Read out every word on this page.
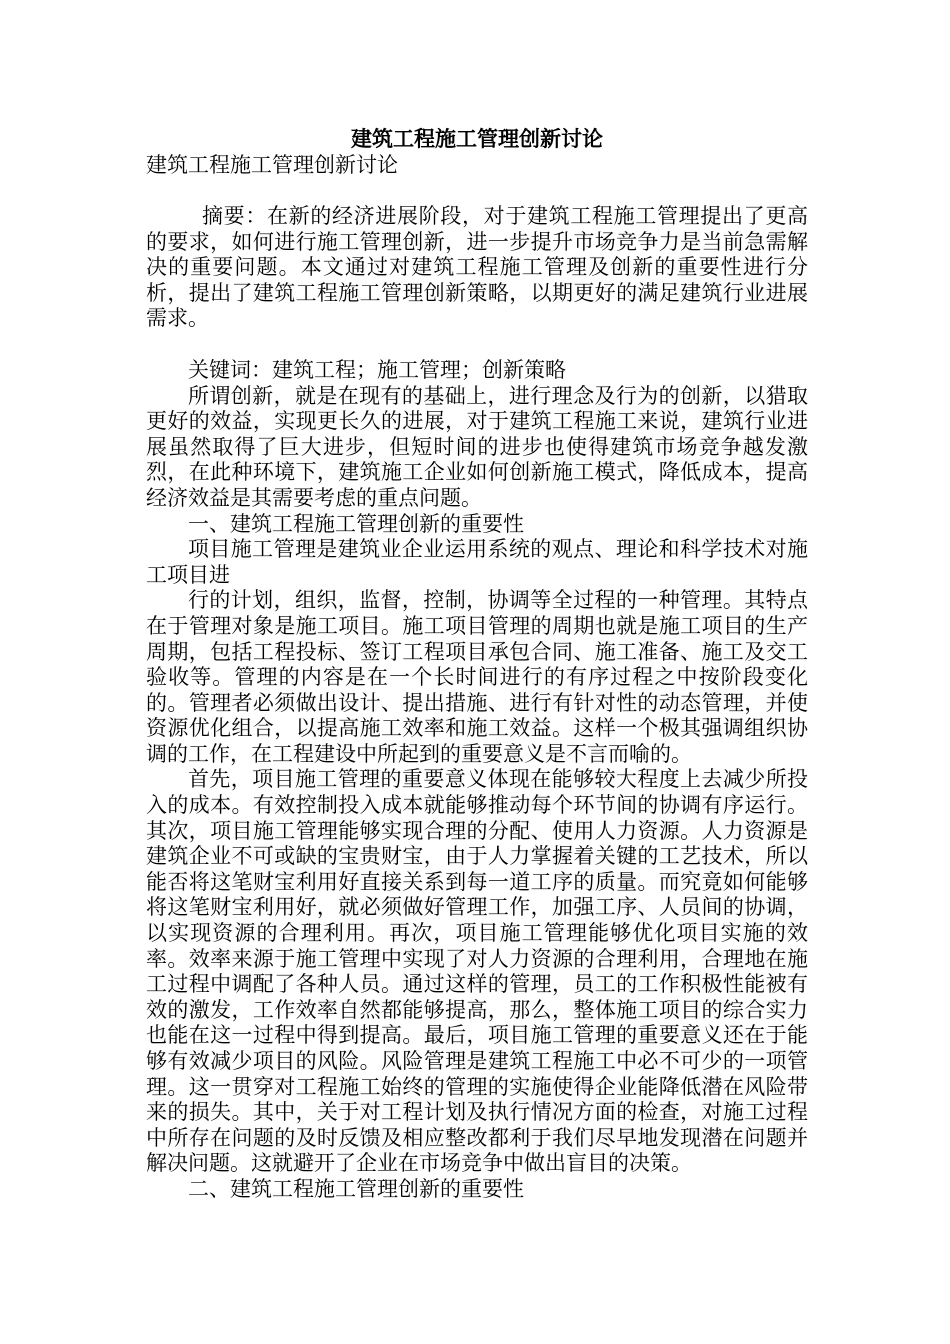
建筑工程施工管理创新讨论
建筑工程施工管理创新讨论

摘要：在新的经济进展阶段，对于建筑工程施工管理提出了更高的要求，如何进行施工管理创新，进一步提升市场竞争力是当前急需解决的重要问题。本文通过对建筑工程施工管理及创新的重要性进行分析，提出了建筑工程施工管理创新策略，以期更好的满足建筑行业进展需求。

关键词：建筑工程；施工管理；创新策略

所谓创新，就是在现有的基础上，进行理念及行为的创新，以猎取更好的效益，实现更长久的进展，对于建筑工程施工来说，建筑行业进展虽然取得了巨大进步，但短时间的进步也使得建筑市场竞争越发激烈，在此种环境下，建筑施工企业如何创新施工模式，降低成本，提高经济效益是其需要考虑的重点问题。

一、建筑工程施工管理创新的重要性

项目施工管理是建筑业企业运用系统的观点、理论和科学技术对施工项目进

行的计划，组织，监督，控制，协调等全过程的一种管理。其特点在于管理对象是施工项目。施工项目管理的周期也就是施工项目的生产周期，包括工程投标、签订工程项目承包合同、施工准备、施工及交工验收等。管理的内容是在一个长时间进行的有序过程之中按阶段变化的。管理者必须做出设计、提出措施、进行有针对性的动态管理，并使资源优化组合，以提高施工效率和施工效益。这样一个极其强调组织协调的工作，在工程建设中所起到的重要意义是不言而喻的。

首先，项目施工管理的重要意义体现在能够较大程度上去减少所投入的成本。有效控制投入成本就能够推动每个环节间的协调有序运行。其次，项目施工管理能够实现合理的分配、使用人力资源。人力资源是建筑企业不可或缺的宝贵财宝，由于人力掌握着关键的工艺技术，所以能否将这笔财宝利用好直接关系到每一道工序的质量。而究竟如何能够将这笔财宝利用好，就必须做好管理工作，加强工序、人员间的协调，以实现资源的合理利用。再次，项目施工管理能够优化项目实施的效率。效率来源于施工管理中实现了对人力资源的合理利用，合理地在施工过程中调配了各种人员。通过这样的管理，员工的工作积极性能被有效的激发，工作效率自然都能够提高，那么，整体施工项目的综合实力也能在这一过程中得到提高。最后，项目施工管理的重要意义还在于能够有效减少项目的风险。风险管理是建筑工程施工中必不可少的一项管理。这一贯穿对工程施工始终的管理的实施使得企业能降低潜在风险带来的损失。其中，关于对工程计划及执行情况方面的检查，对施工过程中所存在问题的及时反馈及相应整改都利于我们尽早地发现潜在问题并解决问题。这就避开了企业在市场竞争中做出盲目的决策。

二、建筑工程施工管理创新的重要性
